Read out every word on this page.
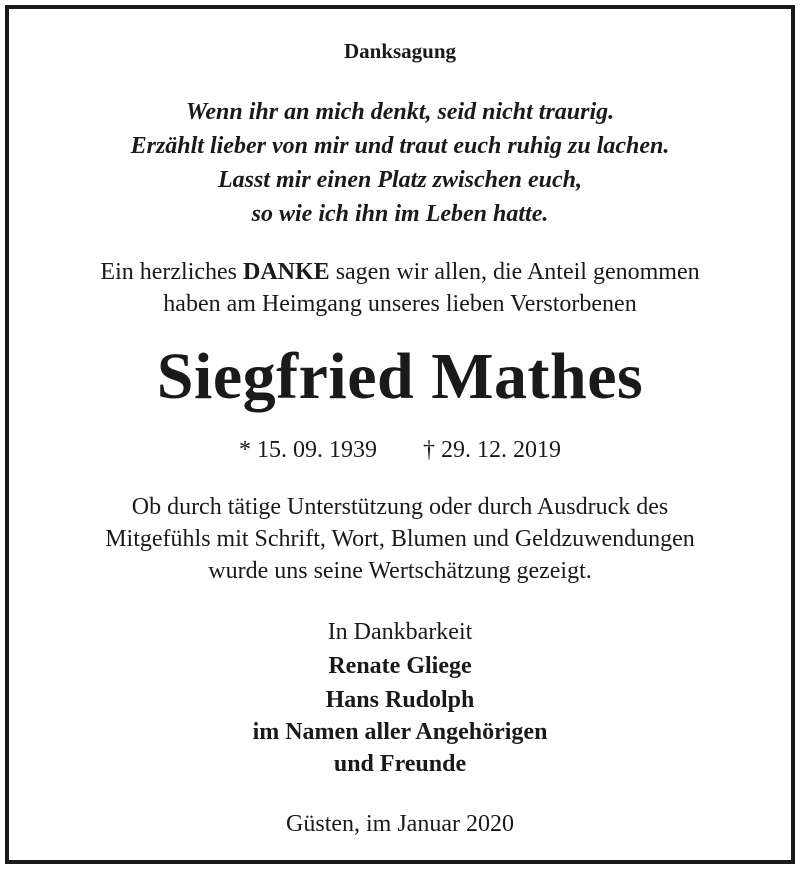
Danksagung
Wenn ihr an mich denkt, seid nicht traurig.
Erzählt lieber von mir und traut euch ruhig zu lachen.
Lasst mir einen Platz zwischen euch,
so wie ich ihn im Leben hatte.
Ein herzliches DANKE sagen wir allen, die Anteil genommen
haben am Heimgang unseres lieben Verstorbenen
Siegfried Mathes
* 15. 09. 1939 † 29. 12. 2019
Ob durch tätige Unterstützung oder durch Ausdruck des
Mitgefühls mit Schrift, Wort, Blumen und Geldzuwendungen
wurde uns seine Wertschätzung gezeigt.
In Dankbarkeit
Renate Gliege
Hans Rudolph
im Namen aller Angehörigen
und Freunde
Güsten, im Januar 2020
